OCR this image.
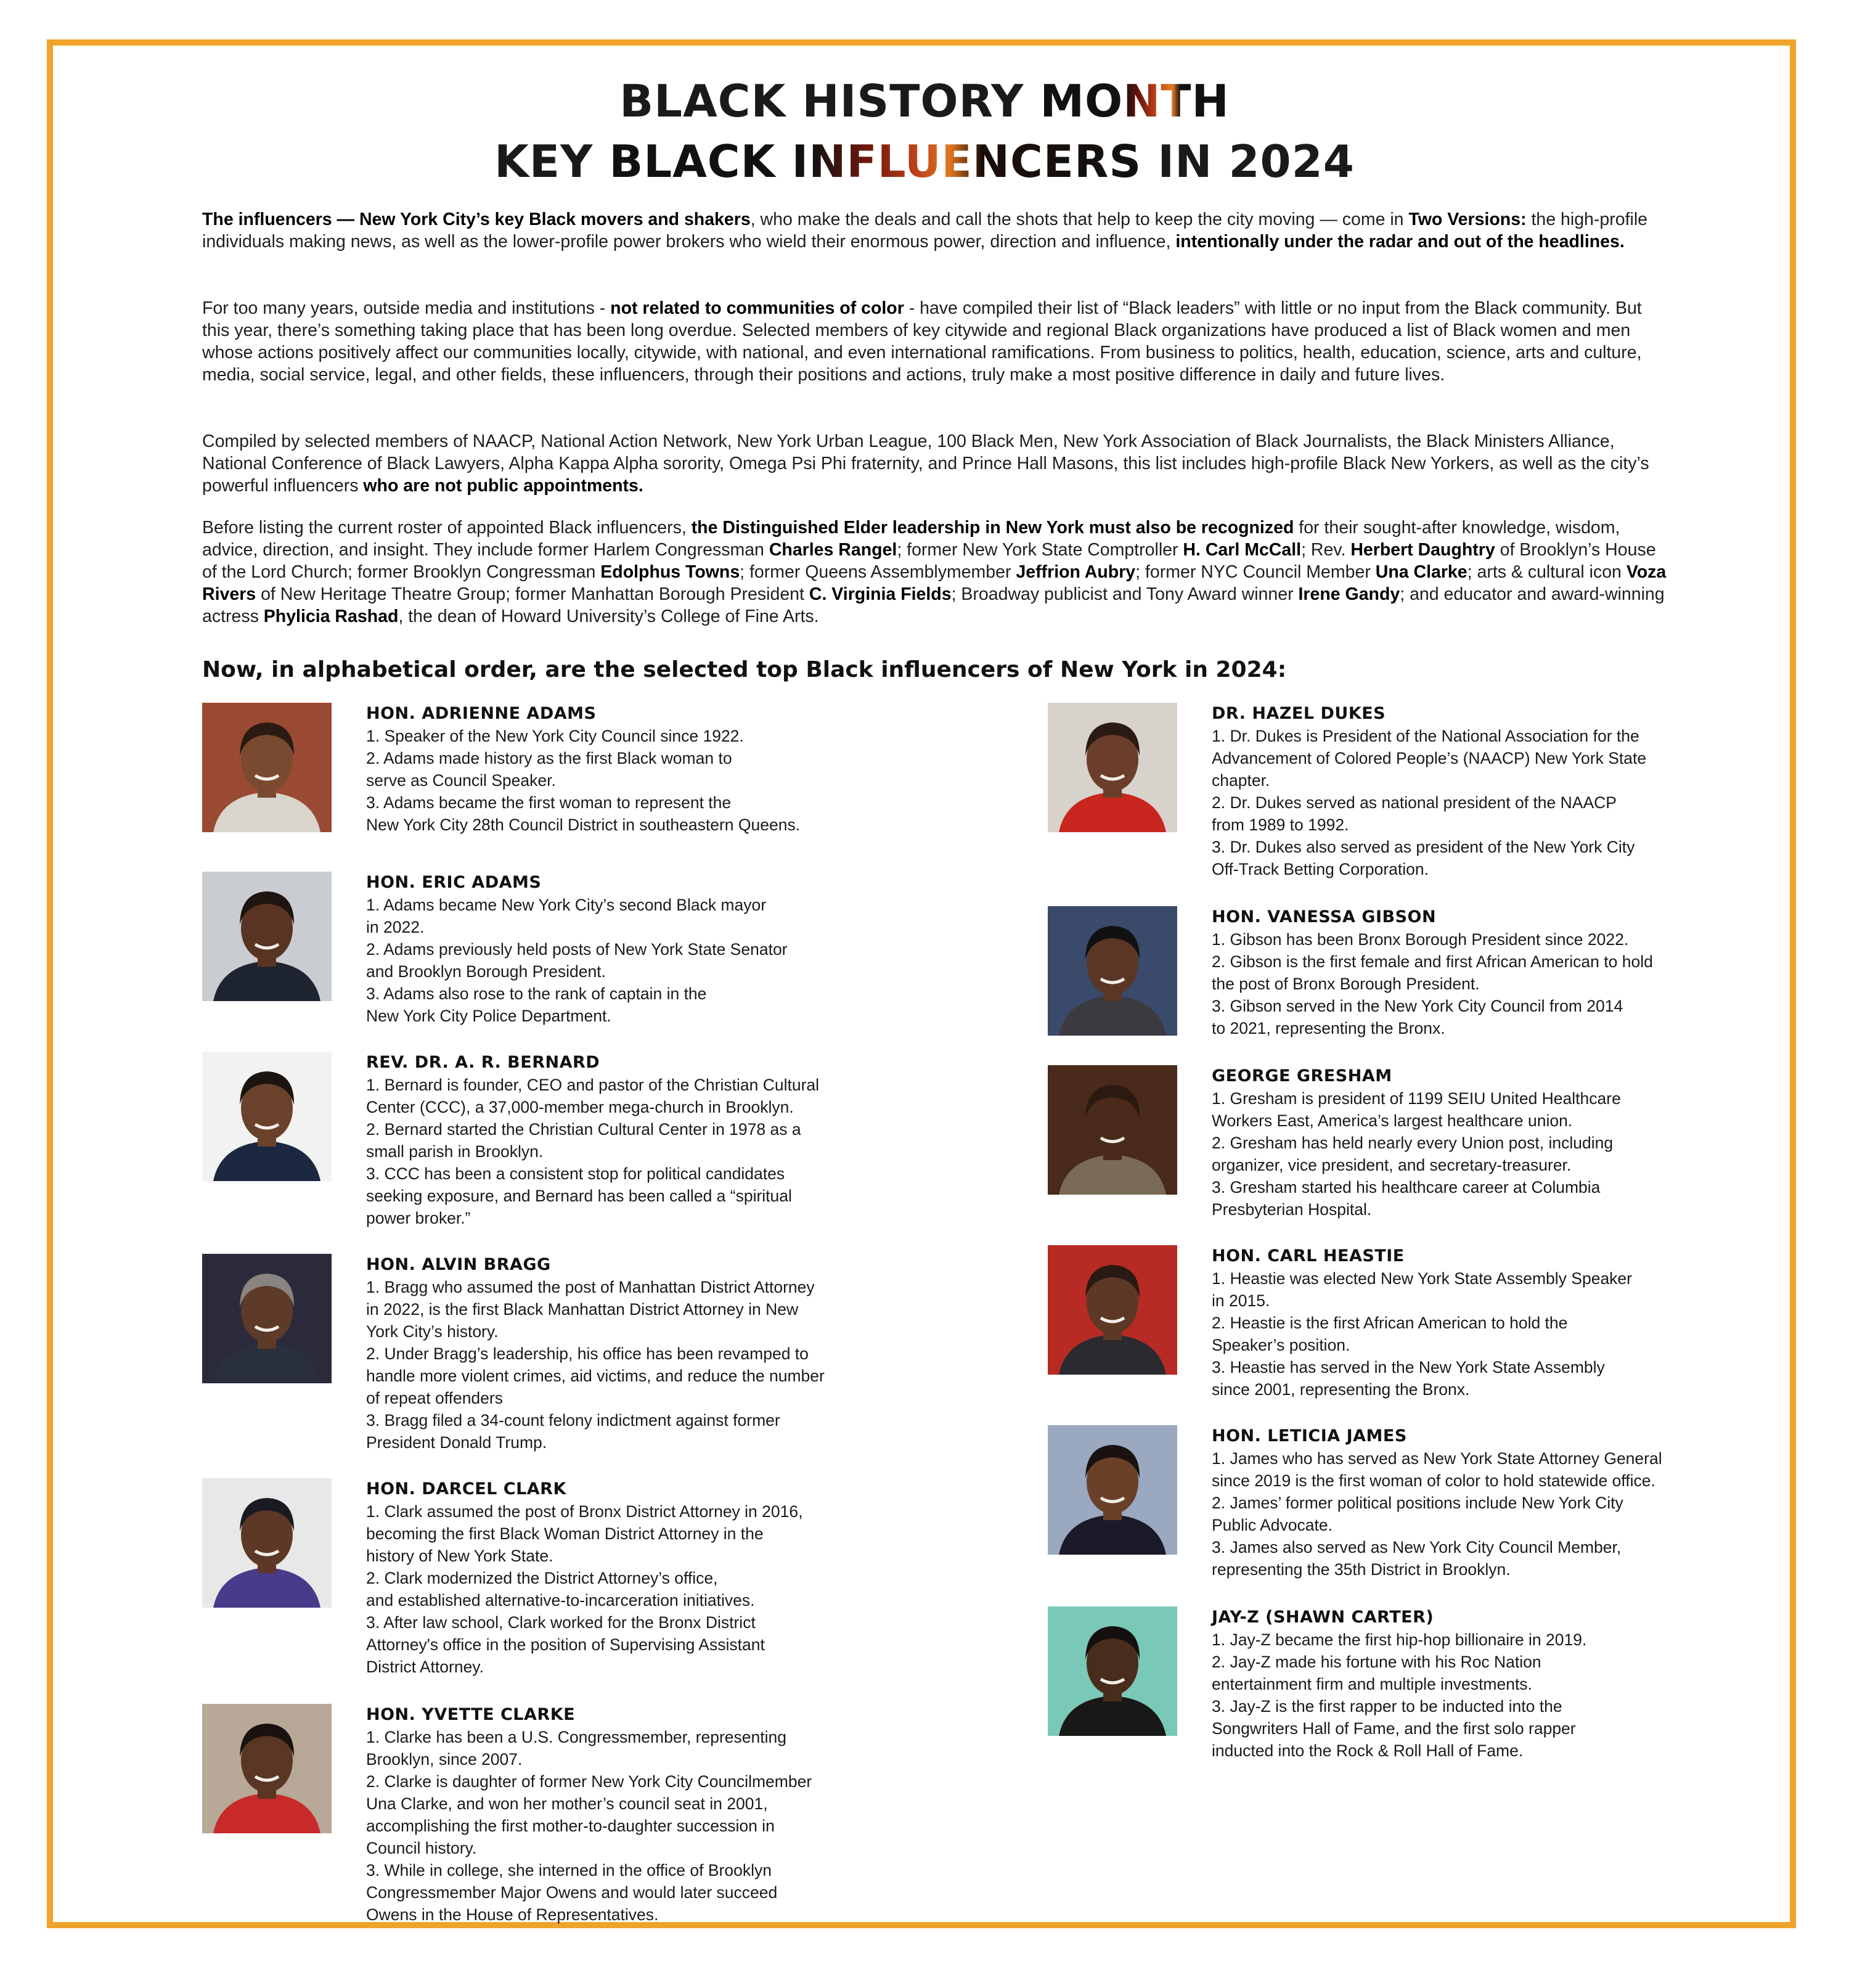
BLACK HISTORY MONTH
KEY BLACK INFLUENCERS IN 2024
The influencers — New York City’s key Black movers and shakers, who make the deals and call the shots that help to keep the city moving — come in Two Versions: the high-profile individuals making news, as well as the lower-profile power brokers who wield their enormous power, direction and influence, intentionally under the radar and out of the headlines.
For too many years, outside media and institutions - not related to communities of color - have compiled their list of “Black leaders” with little or no input from the Black community. But this year, there’s something taking place that has been long overdue. Selected members of key citywide and regional Black organizations have produced a list of Black women and men whose actions positively affect our communities locally, citywide, with national, and even international ramifications. From business to politics, health, education, science, arts and culture, media, social service, legal, and other fields, these influencers, through their positions and actions, truly make a most positive difference in daily and future lives.
Compiled by selected members of NAACP, National Action Network, New York Urban League, 100 Black Men, New York Association of Black Journalists, the Black Ministers Alliance, National Conference of Black Lawyers, Alpha Kappa Alpha sorority, Omega Psi Phi fraternity, and Prince Hall Masons, this list includes high-profile Black New Yorkers, as well as the city’s powerful influencers who are not public appointments.
Before listing the current roster of appointed Black influencers, the Distinguished Elder leadership in New York must also be recognized for their sought-after knowledge, wisdom, advice, direction, and insight. They include former Harlem Congressman Charles Rangel; former New York State Comptroller H. Carl McCall; Rev. Herbert Daughtry of Brooklyn’s House of the Lord Church; former Brooklyn Congressman Edolphus Towns; former Queens Assemblymember Jeffrion Aubry; former NYC Council Member Una Clarke; arts & cultural icon Voza Rivers of New Heritage Theatre Group; former Manhattan Borough President C. Virginia Fields; Broadway publicist and Tony Award winner Irene Gandy; and educator and award-winning actress Phylicia Rashad, the dean of Howard University’s College of Fine Arts.
Now, in alphabetical order, are the selected top Black influencers of New York in 2024:
HON. ADRIENNE ADAMS
1. Speaker of the New York City Council since 1922.
2. Adams made history as the first Black woman to
serve as Council Speaker.
3. Adams became the first woman to represent the
New York City 28th Council District in southeastern Queens.
HON. ERIC ADAMS
1. Adams became New York City’s second Black mayor
in 2022.
2. Adams previously held posts of New York State Senator
and Brooklyn Borough President.
3. Adams also rose to the rank of captain in the
New York City Police Department.
REV. DR. A. R. BERNARD
1. Bernard is founder, CEO and pastor of the Christian Cultural
Center (CCC), a 37,000-member mega-church in Brooklyn.
2. Bernard started the Christian Cultural Center in 1978 as a
small parish in Brooklyn.
3. CCC has been a consistent stop for political candidates
seeking exposure, and Bernard has been called a “spiritual
power broker.”
HON. ALVIN BRAGG
1. Bragg who assumed the post of Manhattan District Attorney
in 2022, is the first Black Manhattan District Attorney in New
York City’s history.
2. Under Bragg’s leadership, his office has been revamped to
handle more violent crimes, aid victims, and reduce the number
of repeat offenders
3. Bragg filed a 34-count felony indictment against former
President Donald Trump.
HON. DARCEL CLARK
1. Clark assumed the post of Bronx District Attorney in 2016,
becoming the first Black Woman District Attorney in the
history of New York State.
2. Clark modernized the District Attorney’s office,
and established alternative-to-incarceration initiatives.
3. After law school, Clark worked for the Bronx District
Attorney's office in the position of Supervising Assistant
District Attorney.
HON. YVETTE CLARKE
1. Clarke has been a U.S. Congressmember, representing
Brooklyn, since 2007.
2. Clarke is daughter of former New York City Councilmember
Una Clarke, and won her mother’s council seat in 2001,
accomplishing the first mother-to-daughter succession in
Council history.
3. While in college, she interned in the office of Brooklyn
Congressmember Major Owens and would later succeed
Owens in the House of Representatives.
DR. HAZEL DUKES
1. Dr. Dukes is President of the National Association for the
Advancement of Colored People’s (NAACP) New York State
chapter.
2. Dr. Dukes served as national president of the NAACP
from 1989 to 1992.
3. Dr. Dukes also served as president of the New York City
Off-Track Betting Corporation.
HON. VANESSA GIBSON
1. Gibson has been Bronx Borough President since 2022.
2. Gibson is the first female and first African American to hold
the post of Bronx Borough President.
3. Gibson served in the New York City Council from 2014
to 2021, representing the Bronx.
GEORGE GRESHAM
1. Gresham is president of 1199 SEIU United Healthcare
Workers East, America’s largest healthcare union.
2. Gresham has held nearly every Union post, including
organizer, vice president, and secretary-treasurer.
3. Gresham started his healthcare career at Columbia
Presbyterian Hospital.
HON. CARL HEASTIE
1. Heastie was elected New York State Assembly Speaker
in 2015.
2. Heastie is the first African American to hold the
Speaker’s position.
3. Heastie has served in the New York State Assembly
since 2001, representing the Bronx.
HON. LETICIA JAMES
1. James who has served as New York State Attorney General
since 2019 is the first woman of color to hold statewide office.
2. James’ former political positions include New York City
Public Advocate.
3. James also served as New York City Council Member,
representing the 35th District in Brooklyn.
JAY-Z (SHAWN CARTER)
1. Jay-Z became the first hip-hop billionaire in 2019.
2. Jay-Z made his fortune with his Roc Nation
entertainment firm and multiple investments.
3. Jay-Z is the first rapper to be inducted into the
Songwriters Hall of Fame, and the first solo rapper
inducted into the Rock & Roll Hall of Fame.
